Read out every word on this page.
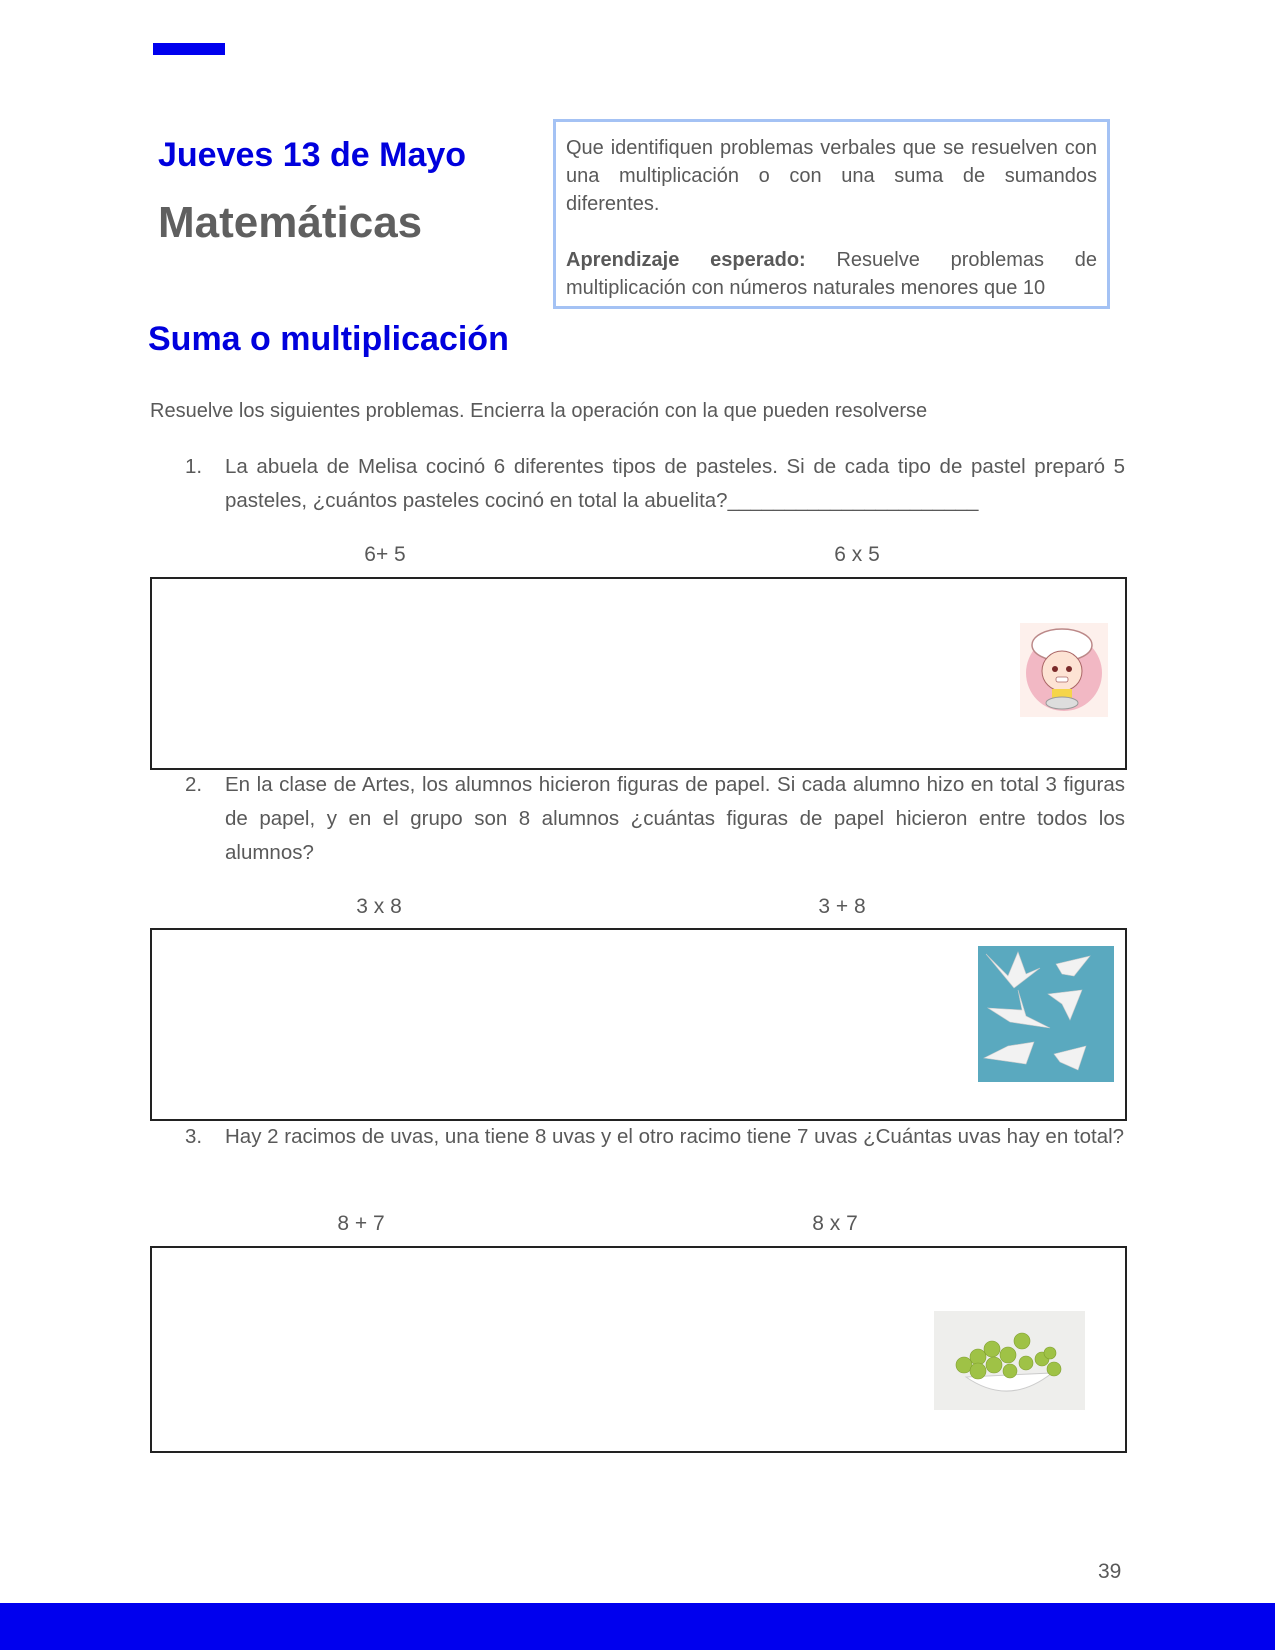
Jueves 13 de Mayo
Matemáticas

Que identifiquen problemas verbales que se resuelven con una multiplicación o con una suma de sumandos diferentes.

Aprendizaje esperado: Resuelve problemas de multiplicación con números naturales menores que 10

Suma o multiplicación
Resuelve los siguientes problemas. Encierra la operación con la que pueden resolverse
1. La abuela de Melisa cocinó 6 diferentes tipos de pasteles. Si de cada tipo de pastel preparó 5 pasteles, ¿cuántos pasteles cocinó en total la abuelita?______________________
6+ 5	6 x 5
2. En la clase de Artes, los alumnos hicieron figuras de papel. Si cada alumno hizo en total 3 figuras de papel, y en el grupo son 8 alumnos ¿cuántas figuras de papel hicieron entre todos los alumnos?
3 x 8	3 + 8
3. Hay 2 racimos de uvas, una tiene 8 uvas y el otro racimo tiene 7 uvas ¿Cuántas uvas hay en total?
8 + 7	8 x 7
39
